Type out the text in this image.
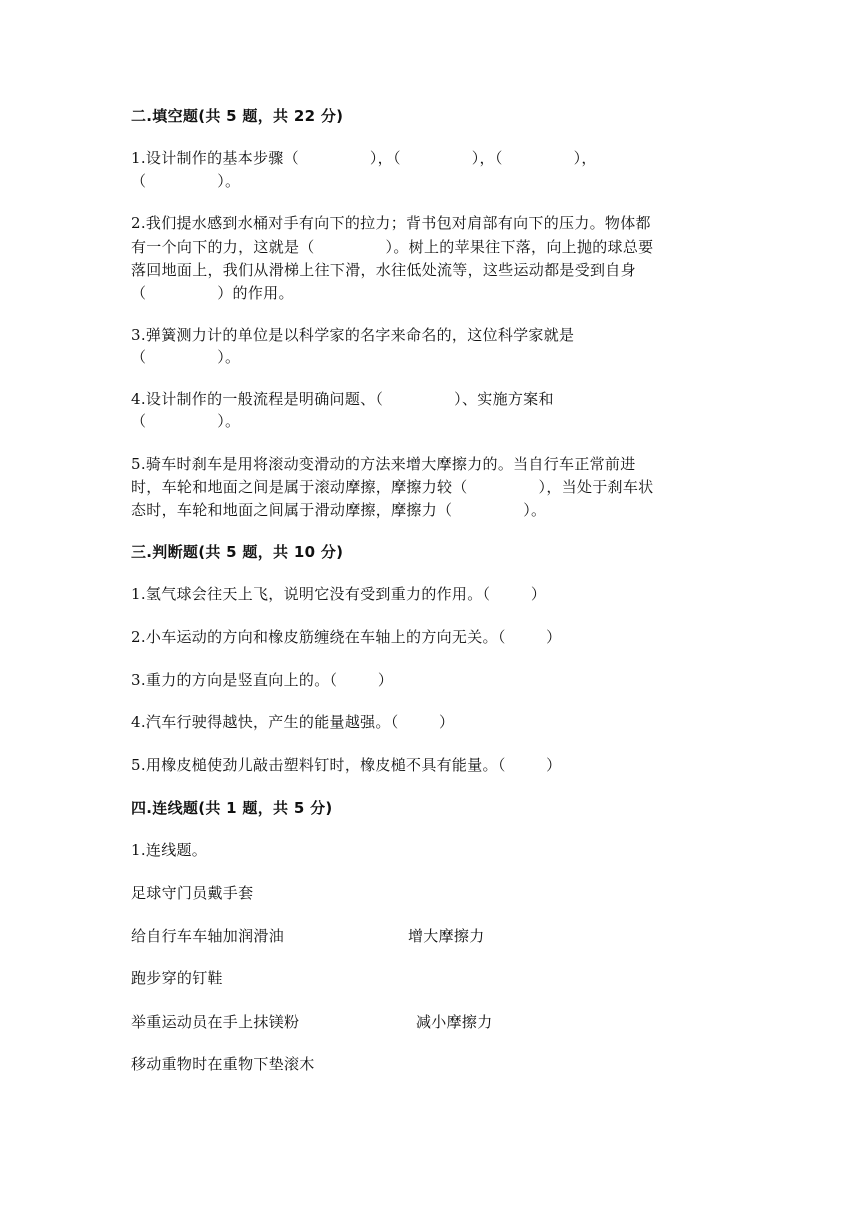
二.填空题(共 5 题，共 22 分)
1.设计制作的基本步骤（              ），（              ），（              ），
（              ）。
2.我们提水感到水桶对手有向下的拉力；背书包对肩部有向下的压力。物体都
有一个向下的力，这就是（              ）。树上的苹果往下落，向上抛的球总要
落回地面上，我们从滑梯上往下滑，水往低处流等，这些运动都是受到自身
（              ）的作用。
3.弹簧测力计的单位是以科学家的名字来命名的，这位科学家就是
（              ）。
4.设计制作的一般流程是明确问题、（              ）、实施方案和
（              ）。
5.骑车时刹车是用将滚动变滑动的方法来增大摩擦力的。当自行车正常前进
时，车轮和地面之间是属于滚动摩擦，摩擦力较（              ），当处于刹车状
态时，车轮和地面之间属于滑动摩擦，摩擦力（              ）。
三.判断题(共 5 题，共 10 分)
1.氢气球会往天上飞，说明它没有受到重力的作用。（        ）
2.小车运动的方向和橡皮筋缠绕在车轴上的方向无关。（        ）
3.重力的方向是竖直向上的。（        ）
4.汽车行驶得越快，产生的能量越强。（        ）
5.用橡皮槌使劲儿敲击塑料钉时，橡皮槌不具有能量。（        ）
四.连线题(共 1 题，共 5 分)
1.连线题。
足球守门员戴手套
给自行车车轴加润滑油	增大摩擦力
跑步穿的钉鞋
举重运动员在手上抹镁粉	减小摩擦力
移动重物时在重物下垫滚木
